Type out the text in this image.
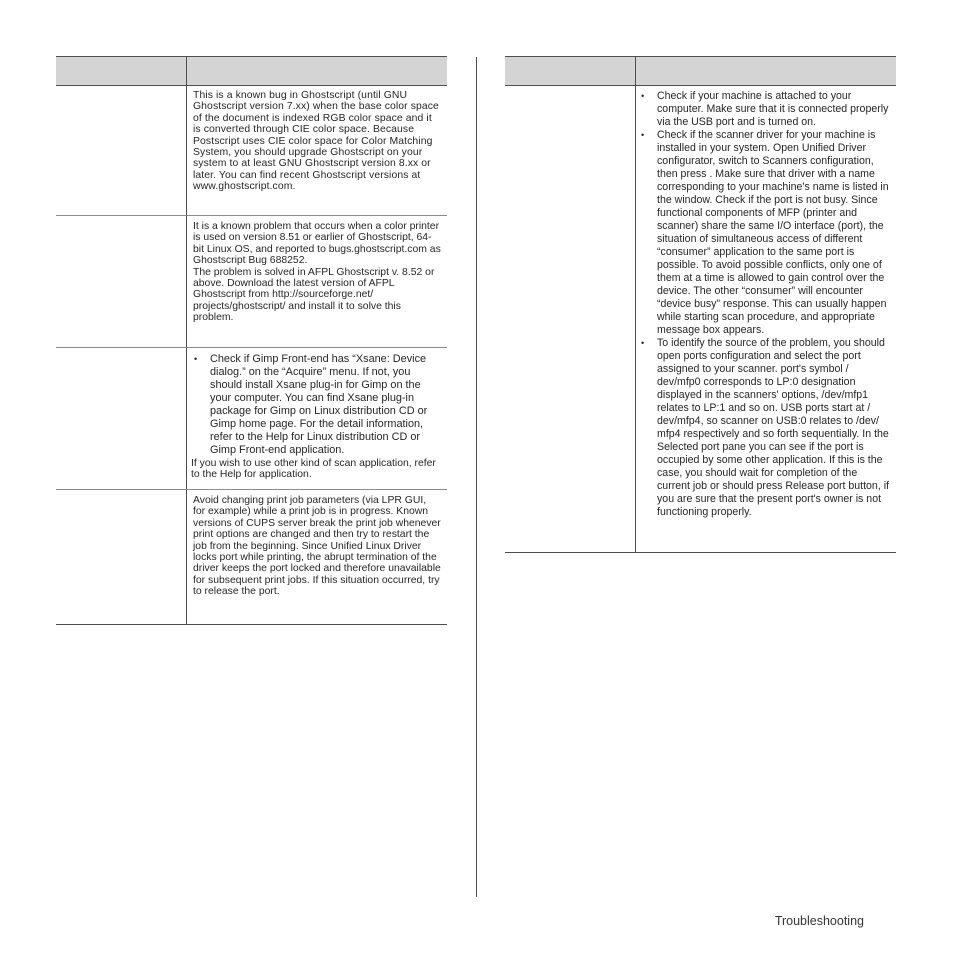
This is a known bug in Ghostscript (until GNU Ghostscript version 7.xx) when the base color space of the document is indexed RGB color space and it is converted through CIE color space. Because Postscript uses CIE color space for Color Matching System, you should upgrade Ghostscript on your system to at least GNU Ghostscript version 8.xx or later. You can find recent Ghostscript versions at www.ghostscript.com.

It is a known problem that occurs when a color printer is used on version 8.51 or earlier of Ghostscript, 64-bit Linux OS, and reported to bugs.ghostscript.com as Ghostscript Bug 688252.

The problem is solved in AFPL Ghostscript v. 8.52 or above. Download the latest version of AFPL Ghostscript from http://sourceforge.net/ projects/ghostscript/ and install it to solve this problem.

• Check if Gimp Front-end has “Xsane: Device dialog.” on the “Acquire” menu. If not, you should install Xsane plug-in for Gimp on the your computer. You can find Xsane plug-in package for Gimp on Linux distribution CD or Gimp home page. For the detail information, refer to the Help for Linux distribution CD or Gimp Front-end application.

If you wish to use other kind of scan application, refer to the Help for application.

Avoid changing print job parameters (via LPR GUI, for example) while a print job is in progress. Known versions of CUPS server break the print job whenever print options are changed and then try to restart the job from the beginning. Since Unified Linux Driver locks port while printing, the abrupt termination of the driver keeps the port locked and therefore unavailable for subsequent print jobs. If this situation occurred, try to release the port.

• Check if your machine is attached to your computer. Make sure that it is connected properly via the USB port and is turned on.
• Check if the scanner driver for your machine is installed in your system. Open Unified Driver configurator, switch to Scanners configuration, then press . Make sure that driver with a name corresponding to your machine's name is listed in the window. Check if the port is not busy. Since functional components of MFP (printer and scanner) share the same I/O interface (port), the situation of simultaneous access of different “consumer” application to the same port is possible. To avoid possible conflicts, only one of them at a time is allowed to gain control over the device. The other “consumer” will encounter “device busy” response. This can usually happen while starting scan procedure, and appropriate message box appears.
• To identify the source of the problem, you should open ports configuration and select the port assigned to your scanner. port's symbol / dev/mfp0 corresponds to LP:0 designation displayed in the scanners' options, /dev/mfp1 relates to LP:1 and so on. USB ports start at / dev/mfp4, so scanner on USB:0 relates to /dev/ mfp4 respectively and so forth sequentially. In the Selected port pane you can see if the port is occupied by some other application. If this is the case, you should wait for completion of the current job or should press Release port button, if you are sure that the present port's owner is not functioning properly.
Troubleshooting
